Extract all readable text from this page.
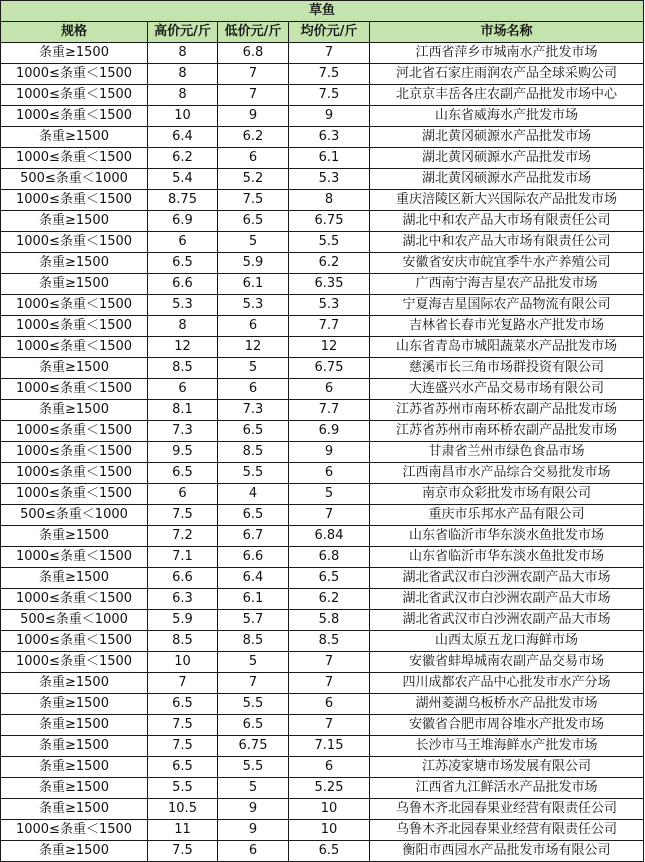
草鱼				
规格	高价元/斤	低价元/斤	均价元/斤	市场名称
条重≥1500	8	6.8	7	江西省萍乡市城南水产批发市场
1000≤条重＜1500	8	7	7.5	河北省石家庄雨润农产品全球采购公司
1000≤条重＜1500	8	7	7.5	北京京丰岳各庄农副产品批发市场中心
1000≤条重＜1500	10	9	9	山东省威海水产批发市场
条重≥1500	6.4	6.2	6.3	湖北黄冈硕源水产品批发市场
1000≤条重＜1500	6.2	6	6.1	湖北黄冈硕源水产品批发市场
500≤条重＜1000	5.4	5.2	5.3	湖北黄冈硕源水产品批发市场
1000≤条重＜1500	8.75	7.5	8	重庆涪陵区新大兴国际农产品批发市场
条重≥1500	6.9	6.5	6.75	湖北中和农产品大市场有限责任公司
1000≤条重＜1500	6	5	5.5	湖北中和农产品大市场有限责任公司
条重≥1500	6.5	5.9	6.2	安徽省安庆市皖宜季牛水产养殖公司
条重≥1500	6.6	6.1	6.35	广西南宁海吉星农产品批发市场
1000≤条重＜1500	5.3	5.3	5.3	宁夏海吉星国际农产品物流有限公司
1000≤条重＜1500	8	6	7.7	吉林省长春市光复路水产批发市场
1000≤条重＜1500	12	12	12	山东省青岛市城阳蔬菜水产品批发市场
条重≥1500	8.5	5	6.75	慈溪市长三角市场群投资有限公司
1000≤条重＜1500	6	6	6	大连盛兴水产品交易市场有限公司
条重≥1500	8.1	7.3	7.7	江苏省苏州市南环桥农副产品批发市场
1000≤条重＜1500	7.3	6.5	6.9	江苏省苏州市南环桥农副产品批发市场
1000≤条重＜1500	9.5	8.5	9	甘肃省兰州市绿色食品市场
1000≤条重＜1500	6.5	5.5	6	江西南昌市水产品综合交易批发市场
1000≤条重＜1500	6	4	5	南京市众彩批发市场有限公司
500≤条重＜1000	7.5	6.5	7	重庆市乐邦水产品有限公司
条重≥1500	7.2	6.7	6.84	山东省临沂市华东淡水鱼批发市场
1000≤条重＜1500	7.1	6.6	6.8	山东省临沂市华东淡水鱼批发市场
条重≥1500	6.6	6.4	6.5	湖北省武汉市白沙洲农副产品大市场
1000≤条重＜1500	6.3	6.1	6.2	湖北省武汉市白沙洲农副产品大市场
500≤条重＜1000	5.9	5.7	5.8	湖北省武汉市白沙洲农副产品大市场
1000≤条重＜1500	8.5	8.5	8.5	山西太原五龙口海鲜市场
1000≤条重＜1500	10	5	7	安徽省蚌埠城南农副产品交易市场
条重≥1500	7	7	7	四川成都农产品中心批发市水产分场
条重≥1500	6.5	5.5	6	湖州菱湖乌板桥水产品批发市场
条重≥1500	7.5	6.5	7	安徽省合肥市周谷堆水产批发市场
条重≥1500	7.5	6.75	7.15	长沙市马王堆海鲜水产批发市场
条重≥1500	6.5	5.5	6	江苏凌家塘市场发展有限公司
条重≥1500	5.5	5	5.25	江西省九江鲜活水产品批发市场
条重≥1500	10.5	9	10	乌鲁木齐北园春果业经营有限责任公司
1000≤条重＜1500	11	9	10	乌鲁木齐北园春果业经营有限责任公司
条重≥1500	7.5	6	6.5	衡阳市西园水产品批发市场有限公司
